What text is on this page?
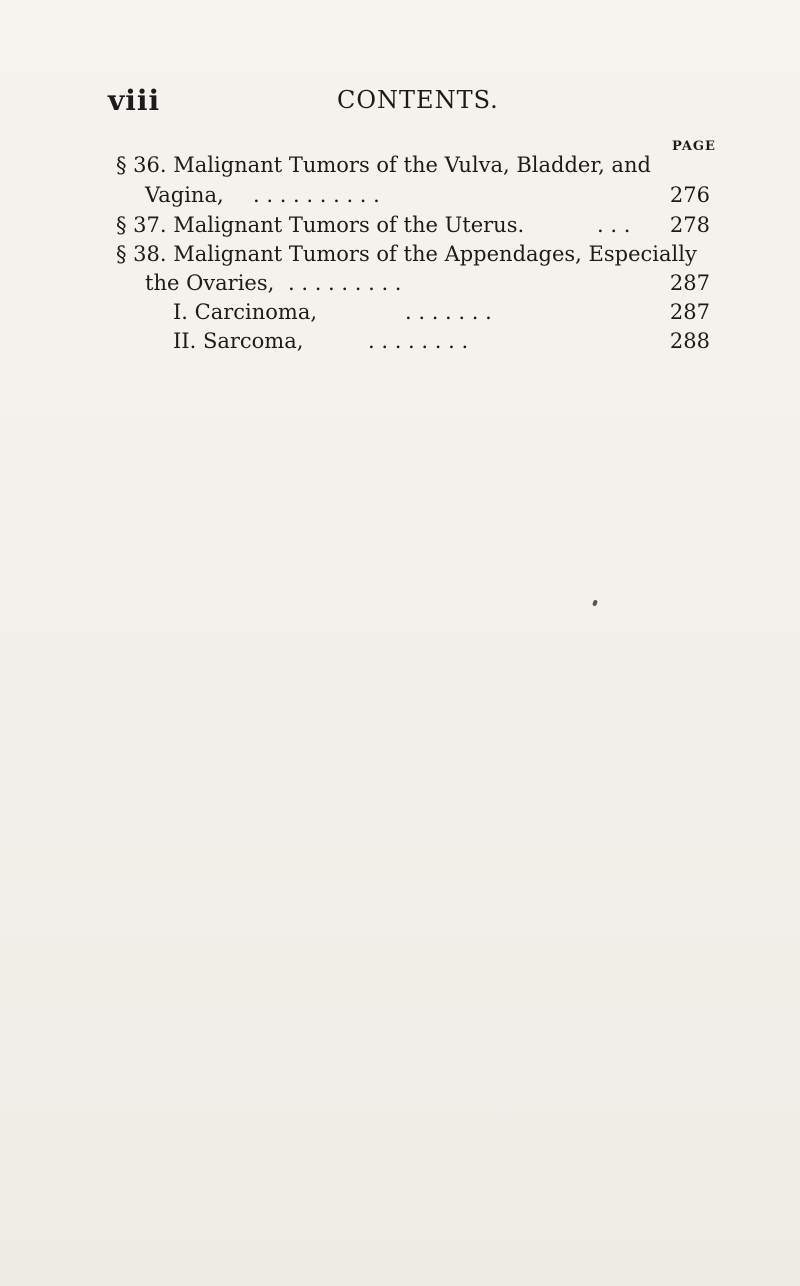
viii	CONTENTS.
PAGE
§ 36. Malignant Tumors of the Vulva, Bladder, and
Vagina, . . . . . . . . . .	276
§ 37. Malignant Tumors of the Uterus.	. . .	278
§ 38. Malignant Tumors of the Appendages, Especially
the Ovaries, . . . . . . . . .	287
I. Carcinoma,	. . . . . . .	287
II. Sarcoma,	. . . . . . . .	288
